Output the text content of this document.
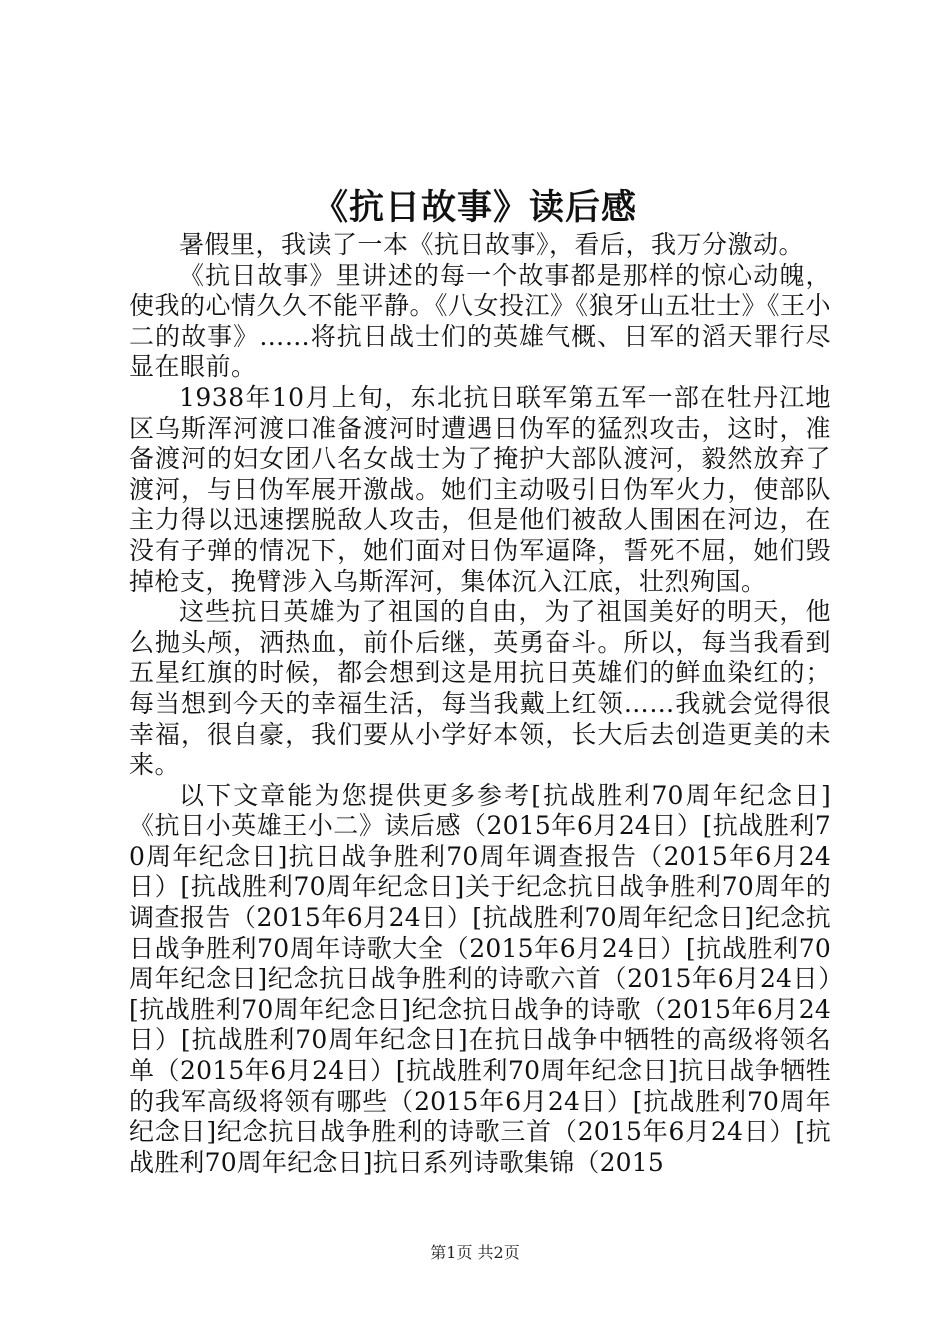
《抗日故事》读后感

暑假里，我读了一本《抗日故事》，看后，我万分激动。

《抗日故事》里讲述的每一个故事都是那样的惊心动魄，使我的心情久久不能平静。《八女投江》《狼牙山五壮士》《王小二的故事》……将抗日战士们的英雄气概、日军的滔天罪行尽显在眼前。

1938年10月上旬，东北抗日联军第五军一部在牡丹江地区乌斯浑河渡口准备渡河时遭遇日伪军的猛烈攻击，这时，准备渡河的妇女团八名女战士为了掩护大部队渡河，毅然放弃了渡河，与日伪军展开激战。她们主动吸引日伪军火力，使部队主力得以迅速摆脱敌人攻击，但是他们被敌人围困在河边，在没有子弹的情况下，她们面对日伪军逼降，誓死不屈，她们毁掉枪支，挽臂涉入乌斯浑河，集体沉入江底，壮烈殉国。

这些抗日英雄为了祖国的自由，为了祖国美好的明天，他么抛头颅，洒热血，前仆后继，英勇奋斗。所以，每当我看到五星红旗的时候，都会想到这是用抗日英雄们的鲜血染红的；每当想到今天的幸福生活，每当我戴上红领……我就会觉得很幸福，很自豪，我们要从小学好本领，长大后去创造更美的未来。

以下文章能为您提供更多参考[抗战胜利70周年纪念日]《抗日小英雄王小二》读后感（2015年6月24日）[抗战胜利70周年纪念日]抗日战争胜利70周年调查报告（2015年6月24日）[抗战胜利70周年纪念日]关于纪念抗日战争胜利70周年的调查报告（2015年6月24日）[抗战胜利70周年纪念日]纪念抗日战争胜利70周年诗歌大全（2015年6月24日）[抗战胜利70周年纪念日]纪念抗日战争胜利的诗歌六首（2015年6月24日）[抗战胜利70周年纪念日]纪念抗日战争的诗歌（2015年6月24日）[抗战胜利70周年纪念日]在抗日战争中牺牲的高级将领名单（2015年6月24日）[抗战胜利70周年纪念日]抗日战争牺牲的我军高级将领有哪些（2015年6月24日）[抗战胜利70周年纪念日]纪念抗日战争胜利的诗歌三首（2015年6月24日）[抗战胜利70周年纪念日]抗日系列诗歌集锦（2015

第1页 共2页
